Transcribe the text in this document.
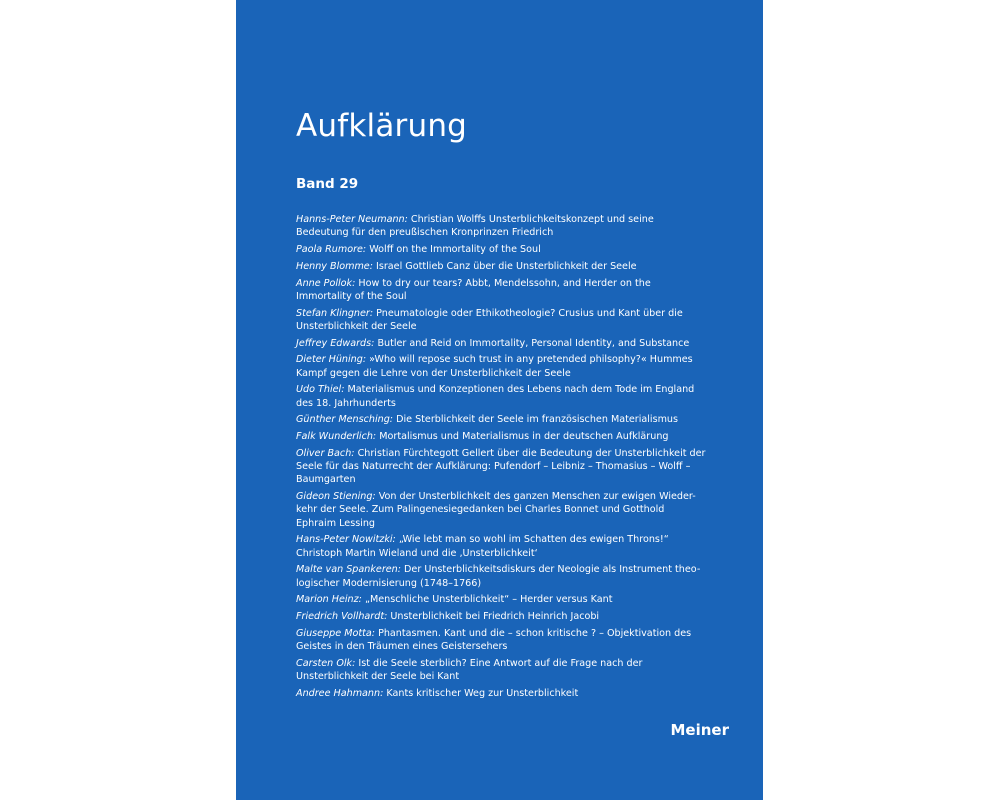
Aufklärung
Band 29
Hanns-Peter Neumann: Christian Wolffs Unsterblichkeitskonzept und seine Bedeutung für den preußischen Kronprinzen Friedrich
Paola Rumore: Wolff on the Immortality of the Soul
Henny Blomme: Israel Gottlieb Canz über die Unsterblichkeit der Seele
Anne Pollok: How to dry our tears? Abbt, Mendelssohn, and Herder on the Immortality of the Soul
Stefan Klingner: Pneumatologie oder Ethikotheologie? Crusius und Kant über die Unsterblichkeit der Seele
Jeffrey Edwards: Butler and Reid on Immortality, Personal Identity, and Substance
Dieter Hüning: »Who will repose such trust in any pretended philsophy?« Hummes Kampf gegen die Lehre von der Unsterblichkeit der Seele
Udo Thiel: Materialismus und Konzeptionen des Lebens nach dem Tode im England des 18. Jahrhunderts
Günther Mensching: Die Sterblichkeit der Seele im französischen Materialismus
Falk Wunderlich: Mortalismus und Materialismus in der deutschen Aufklärung
Oliver Bach: Christian Fürchtegott Gellert über die Bedeutung der Unsterblichkeit der Seele für das Naturrecht der Aufklärung: Pufendorf – Leibniz – Thomasius – Wolff – Baumgarten
Gideon Stiening: Von der Unsterblichkeit des ganzen Menschen zur ewigen Wieder-kehr der Seele. Zum Palingenesiegedanken bei Charles Bonnet und Gotthold Ephraim Lessing
Hans-Peter Nowitzki: „Wie lebt man so wohl im Schatten des ewigen Throns!“ Christoph Martin Wieland und die ‚Unsterblichkeit‘
Malte van Spankeren: Der Unsterblichkeitsdiskurs der Neologie als Instrument theo-logischer Modernisierung (1748–1766)
Marion Heinz: „Menschliche Unsterblichkeit“ – Herder versus Kant
Friedrich Vollhardt: Unsterblichkeit bei Friedrich Heinrich Jacobi
Giuseppe Motta: Phantasmen. Kant und die – schon kritische ? – Objektivation des Geistes in den Träumen eines Geistersehers
Carsten Olk: Ist die Seele sterblich? Eine Antwort auf die Frage nach der Unsterblichkeit der Seele bei Kant
Andree Hahmann: Kants kritischer Weg zur Unsterblichkeit
Meiner
